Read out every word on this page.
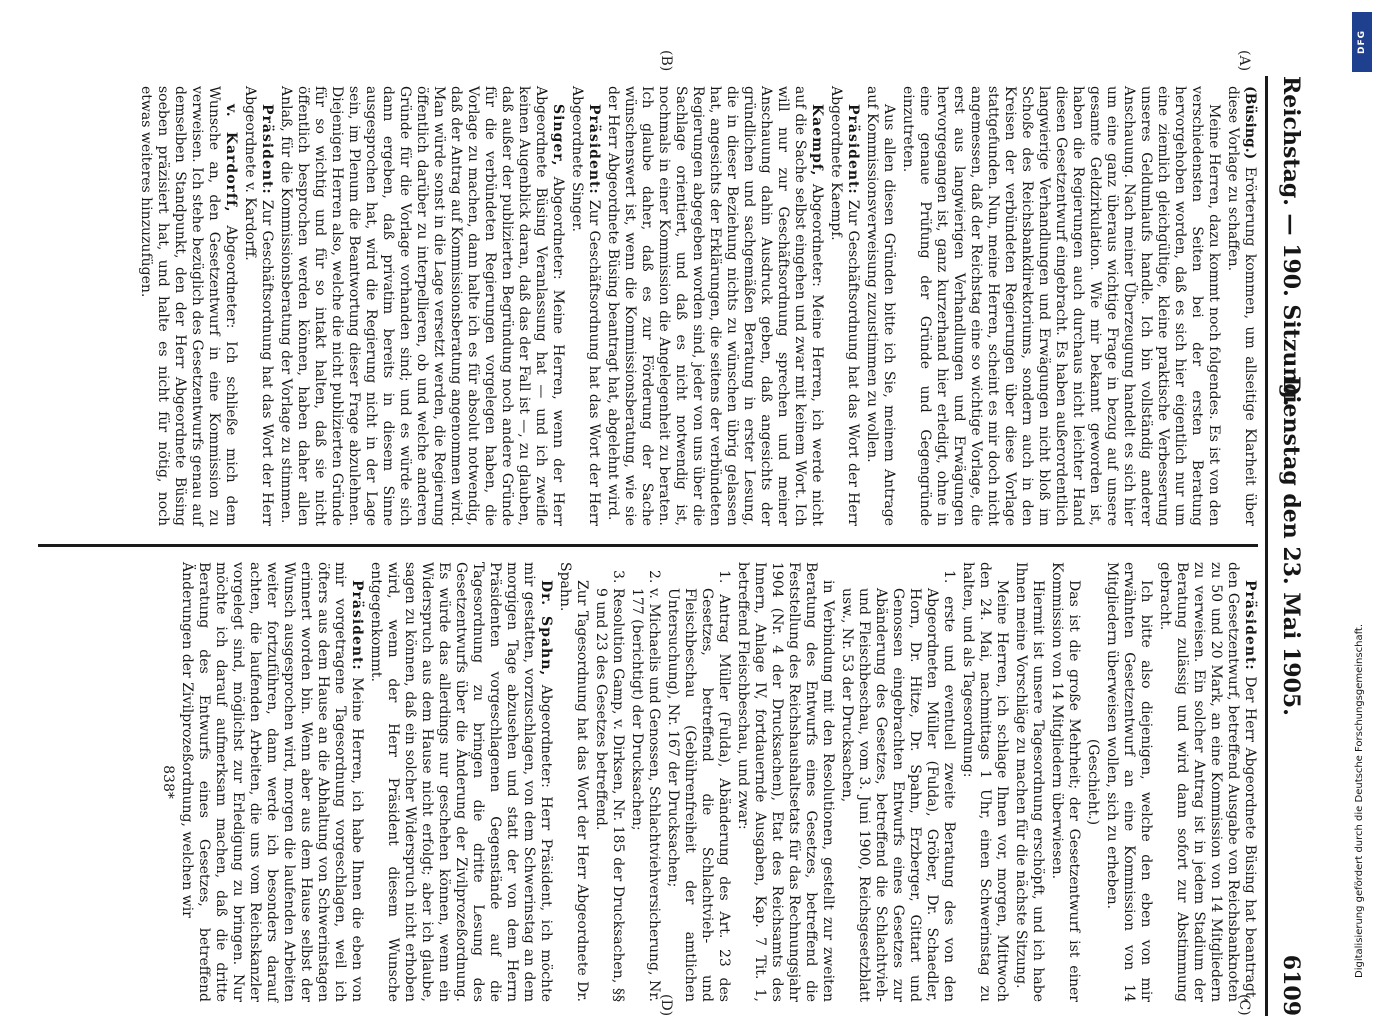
Reichstag. — 190. Sitzung.
Dienstag den 23. Mai 1905.
6109
(A)
(B)
(C)
(D)

(Büsing.) Erörterung kommen, um allseitige Klarheit über diese Vorlage zu schaffen.

Meine Herren, dazu kommt noch folgendes. Es ist von den verschiedensten Seiten bei der ersten Beratung hervorgehoben worden, daß es sich hier eigentlich nur um eine ziemlich gleichgültige, kleine praktische Verbesserung unseres Geldumlaufs handle. Ich bin vollständig anderer Anschauung. Nach meiner Überzeugung handelt es sich hier um eine ganz überaus wichtige Frage in bezug auf unsere gesamte Geldzirkulation. Wie mir bekannt geworden ist, haben die Regierungen auch durchaus nicht leichter Hand diesen Gesetzentwurf eingebracht. Es haben außerordentlich langwierige Verhandlungen und Erwägungen nicht bloß im Schoße des Reichsbankdirektoriums, sondern auch in den Kreisen der verbündeten Regierungen über diese Vorlage stattgefunden. Nun, meine Herren, scheint es mir doch nicht angemessen, daß der Reichstag eine so wichtige Vorlage, die erst aus langwierigen Verhandlungen und Erwägungen hervorgegangen ist, ganz kurzerhand hier erledigt, ohne in eine genaue Prüfung der Gründe und Gegengründe einzutreten.

Aus allen diesen Gründen bitte ich Sie, meinem Antrage auf Kommissionsverweisung zuzustimmen zu wollen.

Präsident: Zur Geschäftsordnung hat das Wort der Herr Abgeordnete Kaempf.

Kaempf, Abgeordneter: Meine Herren, ich werde nicht auf die Sache selbst eingehen und zwar mit keinem Wort. Ich will nur zur Geschäftsordnung sprechen und meiner Anschauung dahin Ausdruck geben, daß angesichts der gründlichen und sachgemäßen Beratung in erster Lesung, die in dieser Beziehung nichts zu wünschen übrig gelassen hat, angesichts der Erklärungen, die seitens der verbündeten Regierungen abgegeben worden sind, jeder von uns über die Sachlage orientiert, und daß es nicht notwendig ist, nochmals in einer Kommission die Angelegenheit zu beraten. Ich glaube daher, daß es zur Förderung der Sache wünschenswert ist, wenn die Kommissionsberatung, wie sie der Herr Abgeordnete Büsing beantragt hat, abgelehnt wird.

Präsident: Zur Geschäftsordnung hat das Wort der Herr Abgeordnete Singer.

Singer, Abgeordneter: Meine Herren, wenn der Herr Abgeordnete Büsing Veranlassung hat — und ich zweifle keinen Augenblick daran, daß das der Fall ist —, zu glauben, daß außer der publizierten Begründung noch andere Gründe für die verbündeten Regierungen vorgelegen haben, die Vorlage zu machen, dann halte ich es für absolut notwendig, daß der Antrag auf Kommissionsberatung angenommen wird. Man würde sonst in die Lage versetzt werden, die Regierung öffentlich darüber zu interpellieren, ob und welche anderen Gründe für die Vorlage vorhanden sind; und es würde sich dann ergeben, daß privatim bereits in diesem Sinne ausgesprochen hat, wird die Regierung nicht in der Lage sein, im Plenum die Beantwortung dieser Frage abzulehnen. Diejenigen Herren also, welche die nicht publizierten Gründe für so wichtig und für so intakt halten, daß sie nicht öffentlich besprochen werden können, haben daher allen Anlaß, für die Kommissionsberatung der Vorlage zu stimmen.

Präsident: Zur Geschäftsordnung hat das Wort der Herr Abgeordnete v. Kardorff.

v. Kardorff, Abgeordneter: Ich schließe mich dem Wunsche an, den Gesetzentwurf in eine Kommission zu verweisen. Ich stehe bezüglich des Gesetzentwurfs genau auf demselben Standpunkt, den der Herr Abgeordnete Büsing soeben präzisiert hat, und halte es nicht für nötig, noch etwas weiteres hinzuzufügen.

Präsident: Der Herr Abgeordnete Büsing hat beantragt, den Gesetzentwurf, betreffend Ausgabe von Reichsbanknoten zu 50 und 20 Mark, an eine Kommission von 14 Mitgliedern zu verweisen. Ein solcher Antrag ist in jedem Stadium der Beratung zulässig und wird dann sofort zur Abstimmung gebracht.

Ich bitte also diejenigen, welche den eben von mir erwähnten Gesetzentwurf an eine Kommission von 14 Mitgliedern überweisen wollen, sich zu erheben.

(Geschieht.)

Das ist die große Mehrheit; der Gesetzentwurf ist einer Kommission von 14 Mitgliedern überwiesen.

Hiermit ist unsere Tagesordnung erschöpft, und ich habe Ihnen meine Vorschläge zu machen für die nächste Sitzung.

Meine Herren, ich schlage Ihnen vor, morgen, Mittwoch den 24. Mai, nachmittags 1 Uhr, einen Schwerinstag zu halten, und als Tagesordnung:

1. erste und eventuell zweite Beratung des von den Abgeordneten Müller (Fulda), Gröber, Dr. Schaedler, Horn, Dr. Hitze, Dr. Spahn, Erzberger, Gittart und Genossen eingebrachten Entwurfs eines Gesetzes zur Abänderung des Gesetzes, betreffend die Schlachtvieh- und Fleischbeschau, vom 3. Juni 1900, Reichsgesetzblatt usw., Nr. 53 der Drucksachen,

in Verbindung mit den Resolutionen, gestellt zur zweiten Beratung des Entwurfs eines Gesetzes, betreffend die Feststellung des Reichshaushaltsetats für das Rechnungsjahr 1904 (Nr. 4 der Drucksachen), Etat des Reichsamts des Innern, Anlage IV, fortdauernde Ausgaben, Kap. 7 Tit. 1, betreffend Fleischbeschau, und zwar:

1. Antrag Müller (Fulda), Abänderung des Art. 23 des Gesetzes, betreffend die Schlachtvieh- und Fleischbeschau (Gebührenfreiheit der amtlichen Untersuchung), Nr. 167 der Drucksachen;

2. v. Michaelis und Genossen, Schlachtviehversicherung, Nr. 177 (berichtigt) der Drucksachen;

3. Resolution Gamp, v. Dirksen, Nr. 185 der Drucksachen, §§ 9 und 23 des Gesetzes betreffend.

Zur Tagesordnung hat das Wort der Herr Abgeordnete Dr. Spahn.

Dr. Spahn, Abgeordneter: Herr Präsident, ich möchte mir gestatten, vorzuschlagen, von dem Schwerinstag an dem morgigen Tage abzusehen und statt der von dem Herrn Präsidenten vorgeschlagenen Gegenstände auf die Tagesordnung zu bringen die dritte Lesung des Gesetzentwurfs über die Änderung der Zivilprozeßordnung. Es würde das allerdings nur geschehen können, wenn ein Widerspruch aus dem Hause nicht erfolgt; aber ich glaube, sagen zu können, daß ein solcher Widerspruch nicht erhoben wird, wenn der Herr Präsident diesem Wunsche entgegenkommt.

Präsident: Meine Herren, ich habe Ihnen die eben von mir vorgetragene Tagesordnung vorgeschlagen, weil ich öfters aus dem Hause an die Abhaltung von Schwerinstagen erinnert worden bin. Wenn aber aus dem Hause selbst der Wunsch ausgesprochen wird, morgen die laufenden Arbeiten weiter fortzuführen, dann werde ich besonders darauf achten, die laufenden Arbeiten, die uns vom Reichskanzler vorgelegt sind, möglichst zur Erledigung zu bringen. Nur möchte ich darauf aufmerksam machen, daß die dritte Beratung des Entwurfs eines Gesetzes, betreffend Änderungen der Zivilprozeßordnung, welchen wir

838*

DFG
Digitalisierung gefördert durch die Deutsche Forschungsgemeinschaft.
